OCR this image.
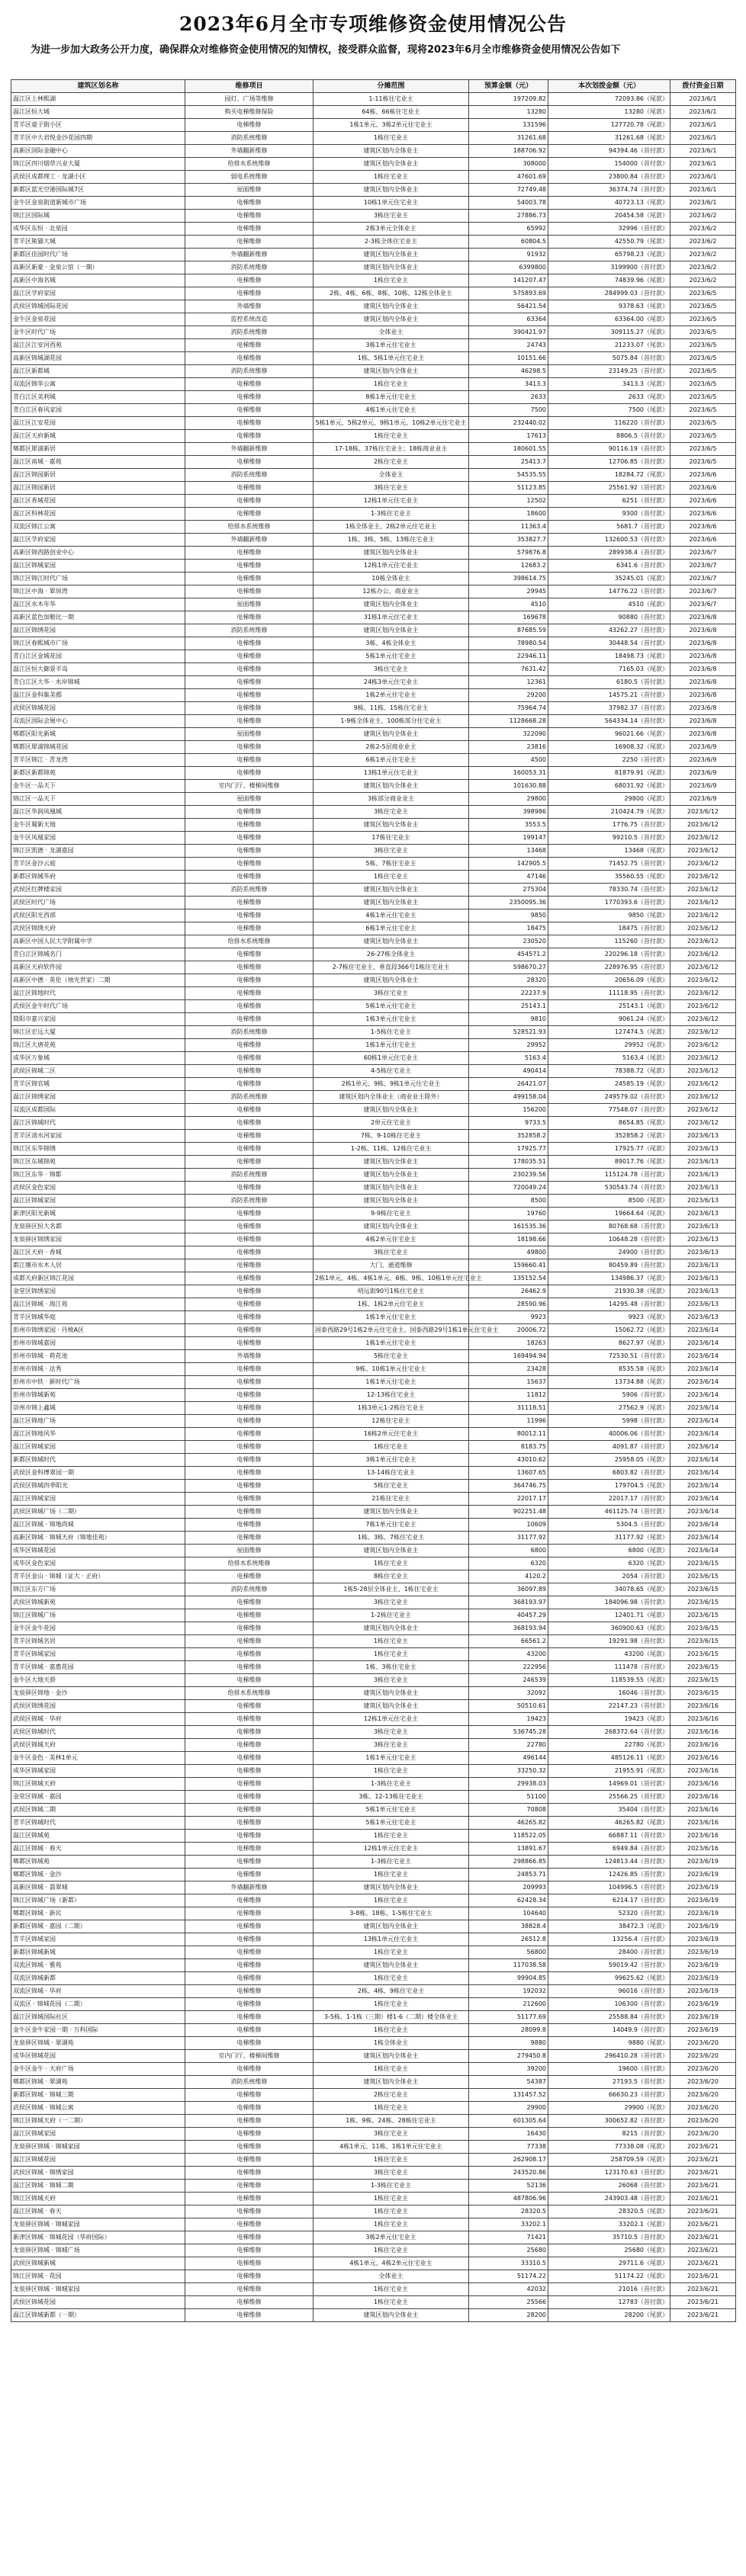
2023年6月全市专项维修资金使用情况公告
为进一步加大政务公开力度，确保群众对维修资金使用情况的知情权，接受群众监督，现将2023年6月全市维修资金使用情况公告如下
建筑区划名称	维修项目	分摊范围	预算金额（元）	本次划拨金额（元）	拨付资金日期
温江区上林熙湖	园灯、广场等维修	1-11栋住宅业主	197209.82	72093.86（尾款）	2023/6/1
温江区恒大城	购买电梯维修保险	64栋、66栋住宅业主	13280	13280（尾款）	2023/6/1
青羊区童子街小区	电梯维修	1栋1单元、3栋2单元住宅业主	131596	127720.78（尾款）	2023/6/1
青羊区中大君悦金沙花园四期	消防系统维修	1栋住宅业主	31261.68	31261.68（尾款）	2023/6/1
高新区国际金融中心	外墙翻新维修	建筑区划内全体业主	188706.92	94394.46（首付款）	2023/6/1
锦江区四川烟草兴业大厦	给排水系统维修	建筑区划内全体业主	308000	154000（首付款）	2023/6/1
武侯区成都理工 · 龙湖小区	弱电系统维修	1栋住宅业主	47601.69	23800.84（首付款）	2023/6/1
新都区蓝光空港国际城7区	屋面维修	建筑区划内全体业主	72749.48	36374.74（首付款）	2023/6/1
金牛区金泉街道新城市广场	电梯维修	10栋1单元住宅业主	54003.78	40723.13（尾款）	2023/6/1
锦江区国际城	电梯维修	3栋住宅业主	27886.73	20454.58（尾款）	2023/6/2
成华区东恒 · 北泉园	电梯维修	2栋3单元全体业主	65992	32996（首付款）	2023/6/2
青羊区熊猫大城	电梯维修	2-3栋全体住宅业主	60804.5	42550.79（尾款）	2023/6/2
新都区佳园时代广场	外墙翻新维修	建筑区划内全体业主	91932	65798.23（尾款）	2023/6/2
高新区新豪 · 金泉公馆（一期）	消防系统维修	建筑区划内全体业主	6399800	3199900（首付款）	2023/6/2
高新区中海名城	电梯维修	1栋住宅业主	141207.47	74839.96（尾款）	2023/6/2
温江区学府家园	电梯维修	2栋、4栋、6栋、8栋、10栋、12栋全体业主	575893.69	284999.03（首付款）	2023/6/5
武侯区锦城国际花园	外墙维修	建筑区划内全体业主	56421.54	9378.63（尾款）	2023/6/5
金牛区金泉花园	监控系统改造	建筑区划内全体业主	63364	63364.00（尾款）	2023/6/5
金牛区时代广场	消防系统维修	全体业主	390421.97	309115.27（尾款）	2023/6/5
温江区江安河西苑	电梯维修	3栋1单元住宅业主	24743	21233.07（尾款）	2023/6/5
高新区锦城湖花园	电梯维修	1栋、5栋1单元住宅业主	10151.66	5075.84（首付款）	2023/6/5
温江区新都城	消防系统维修	建筑区划内全体业主	46298.5	23149.25（首付款）	2023/6/5
双流区锦华公寓	电梯维修	1栋住宅业主	3413.3	3413.3（尾款）	2023/6/5
青白江区美利城	电梯维修	8栋1单元住宅业主	2633	2633（尾款）	2023/6/5
青白江区春风家园	电梯维修	4栋1单元住宅业主	7500	7500（尾款）	2023/6/5
温江区江安花园	电梯维修	5栋1单元、5栋2单元、9栋1单元、10栋2单元住宅业主	232440.02	116220（首付款）	2023/6/5
温江区天府新城	电梯维修	1栋住宅业主	17613	8806.5（首付款）	2023/6/5
郫都区犀浦新居	外墙翻新维修	17-18栋、37栋住宅业主；18栋商业业主	180601.55	90116.19（首付款）	2023/6/5
温江区南城 · 嘉苑	电梯维修	2栋住宅业主	25413.7	12706.85（首付款）	2023/6/5
温江区锦园新居	消防系统维修	全体业主	54535.55	18284.72（尾款）	2023/6/6
温江区锦园新居	电梯维修	3栋住宅业主	51123.85	25561.92（首付款）	2023/6/6
温江区香城花园	电梯维修	12栋1单元住宅业主	12502	6251（首付款）	2023/6/6
温江区科林花园	电梯维修	1-3栋住宅业主	18600	9300（首付款）	2023/6/6
双流区锦江公寓	给排水系统维修	1栋全体业主、2栋2单元住宅业主	11363.4	5681.7（首付款）	2023/6/6
温江区学府家园	外墙翻新维修	1栋、3栋、5栋、13栋住宅业主	353827.7	132600.53（首付款）	2023/6/6
高新区锦西路创业中心	电梯维修	建筑区划内全体业主	579876.8	289938.4（首付款）	2023/6/7
温江区锦城家园	电梯维修	12栋1单元住宅业主	12683.2	6341.6（首付款）	2023/6/7
锦江区锦江时代广场	电梯维修	10栋全体业主	398614.75	35245.01（尾款）	2023/6/7
锦江区中海 · 翠屏湾	电梯维修	12栋办公、商业业主	29945	14776.22（首付款）	2023/6/7
温江区水木年华	屋面维修	建筑区划内全体业主	4510	4510（尾款）	2023/6/7
高新区蓝色加勒比一期	电梯维修	31栋1单元住宅业主	169678	90880（首付款）	2023/6/8
温江区锦绣花园	消防系统维修	建筑区划内全体业主	87685.59	43262.27（首付款）	2023/6/8
锦江区春熙城市广场	电梯维修	3栋、4栋全体业主	78980.54	30448.54（首付款）	2023/6/8
青白江区金城花园	电梯维修	5栋1单元住宅业主	22946.11	18498.73（尾款）	2023/6/8
温江区恒大御景半岛	电梯维修	3栋住宅业主	7631.42	7165.03（尾款）	2023/6/8
青白江区大华 · 水岸锦城	电梯维修	24栋3单元住宅业主	12361	6180.5（首付款）	2023/6/8
温江区金科集美郡	电梯维修	1栋2单元住宅业主	29200	14575.21（首付款）	2023/6/8
武侯区锦城花园	电梯维修	9栋、11栋、15栋住宅业主	75964.74	37982.37（首付款）	2023/6/8
双流区国际会展中心	电梯维修	1-9栋全体业主、100栋部分住宅业主	1128668.28	564334.14（首付款）	2023/6/8
郫都区阳光新城	屋面维修	建筑区划内全体业主	322090	96021.66（尾款）	2023/6/8
郫都区犀浦锦城花园	电梯维修	2栋2-5层商业业主	23816	16908.32（尾款）	2023/6/9
青羊区锦江 · 青龙湾	电梯维修	6栋1单元住宅业主	4500	2250（首付款）	2023/6/9
新都区新都锦苑	电梯维修	13栋1单元住宅业主	160053.31	81879.91（尾款）	2023/6/9
金牛区一品天下	室内门厅、楼梯间维修	建筑区划内全体业主	101630.88	68031.92（尾款）	2023/6/9
锦江区一品天下	屋面维修	3栋部分商业业主	29800	29800（尾款）	2023/6/9
温江区华润凤凰城	电梯维修	3栋住宅业主	398986	210424.79（尾款）	2023/6/12
金牛区蜀新天地	电梯维修	建筑区划内全体业主	3553.5	1776.75（首付款）	2023/6/12
金牛区凤凰家园	电梯维修	17栋住宅业主	199147	99210.5（首付款）	2023/6/12
锦江区凯德 · 龙湖嘉园	电梯维修	3栋住宅业主	13468	13468（尾款）	2023/6/12
青羊区金沙云庭	电梯维修	5栋、7栋住宅业主	142905.5	71452.75（首付款）	2023/6/12
新都区锦城华府	电梯维修	1栋住宅业主	47146	35560.55（尾款）	2023/6/12
武侯区红牌楼家园	消防系统维修	建筑区划内全体业主	275304	78330.74（首付款）	2023/6/12
武侯区时代广场	电梯维修	建筑区划内全体业主	2350095.36	1770393.6（首付款）	2023/6/12
武侯区阳光西部	电梯维修	4栋1单元住宅业主	9850	9850（尾款）	2023/6/12
武侯区锦绣天府	电梯维修	6栋1单元住宅业主	18475	18475（首付款）	2023/6/12
高新区中国人民大学附属中学	给排水系统维修	建筑区划内全体业主	230520	115260（首付款）	2023/6/12
青白江区锦城名门	电梯维修	26-27栋全体业主	454571.2	220296.18（首付款）	2023/6/12
高新区天府软件园	电梯维修	2-7栋住宅业主、垂直段366号1栋住宅业主	598670.27	228976.95（首付款）	2023/6/12
高新区中德 · 英伦（烛光世家）二期	电梯维修	建筑区划内全体业主	28320	20656.09（尾款）	2023/6/12
温江区锦地时代	电梯维修	3栋住宅业主	22237.9	11118.95（首付款）	2023/6/12
武侯区金牛时代广场	电梯维修	5栋1单元住宅业主	25143.1	25143.1（尾款）	2023/6/12
简阳市嘉兴家园	电梯维修	1栋3单元住宅业主	9810	9061.24（尾款）	2023/6/12
锦江区宏远大厦	消防系统维修	1-5栋住宅业主	528521.93	127474.5（尾款）	2023/6/12
锦江区大唐花苑	电梯维修	1栋1单元住宅业主	29952	29952（尾款）	2023/6/12
成华区万象城	电梯维修	60栋1单元住宅业主	5163.4	5163.4（尾款）	2023/6/12
武侯区锦城二区	电梯维修	4-5栋住宅业主	490414	78388.72（尾款）	2023/6/12
青羊区锦官城	电梯维修	2栋1单元、9栋、9栋1单元住宅业主	26421.07	24585.19（尾款）	2023/6/12
温江区锦绣家园	消防系统维修	建筑区划内全体业主（商业业主除外）	499158.04	249579.02（首付款）	2023/6/12
双流区成都国际	电梯维修	建筑区划内全体业主	156200	77548.07（首付款）	2023/6/12
温江区锦城时代	电梯维修	2单元住宅业主	9733.5	8654.85（尾款）	2023/6/12
青羊区清水河家园	电梯维修	7栋、9-10栋住宅业主	352858.2	352858.2（尾款）	2023/6/13
锦江区东华锦绣	电梯维修	1-2栋、11栋、12栋住宅业主	17925.77	17925.77（尾款）	2023/6/13
锦江区东城锦苑	电梯维修	建筑区划内全体业主	178035.51	89017.76（尾款）	2023/6/13
锦江区东华 · 锦都	消防系统维修	建筑区划内全体业主	230239.56	115124.78（首付款）	2023/6/13
武侯区金色家园	电梯维修	建筑区划内全体业主	720049.24	530543.74（首付款）	2023/6/13
温江区锦城家园	消防系统维修	建筑区划内全体业主	8500	8500（尾款）	2023/6/13
新津区阳光新城	电梯维修	9-9栋住宅业主	19760	19664.64（尾款）	2023/6/13
龙泉驿区恒大名都	电梯维修	建筑区划内全体业主	161535.36	80768.68（首付款）	2023/6/13
龙泉驿区锦绣家园	电梯维修	4栋2单元住宅业主	18198.66	10648.28（首付款）	2023/6/13
温江区天府 · 香城	电梯维修	3栋住宅业主	49800	24900（首付款）	2023/6/13
都江堰市水木人居	电梯维修	大门、通道维修	159660.41	80459.89（首付款）	2023/6/13
成都天府新区锦江花园	电梯维修	2栋1单元、4栋、4栋1单元、6栋、9栋、10栋1单元住宅业主	135152.54	134986.37（尾款）	2023/6/13
金堂区锦绣家园	电梯维修	明远街90号1栋住宅业主	26462.9	21930.38（尾款）	2023/6/13
温江区锦城 · 海江苑	电梯维修	1栋、1栋2单元住宅业主	28590.96	14295.48（首付款）	2023/6/13
青羊区锦城华庭	电梯维修	1栋1单元住宅业主	9923	9923（尾款）	2023/6/13
彭州市锦绣家园 · 丹棱A区	电梯维修	国泰西路29号1栋2单元住宅业主、国泰西路29号1栋1单元住宅业主	20006.72	15062.72（尾款）	2023/6/14
彭州市锦城嘉园	电梯维修	1栋1单元住宅业主	18263	8627.97（尾款）	2023/6/14
彭州市锦城 · 荷花池	外墙维修	5栋住宅业主	169494.94	72530.51（首付款）	2023/6/14
彭州市锦城 · 达秀	电梯维修	9栋、10栋1单元住宅业主	23428	8535.58（尾款）	2023/6/14
彭州市中铁 · 新时代广场	电梯维修	1栋1单元住宅业主	15637	13734.88（尾款）	2023/6/14
彭州市锦城新苑	电梯维修	12-13栋住宅业主	11812	5906（首付款）	2023/6/14
崇州市锦上鑫城	电梯维修	1栋3单元1-2栋住宅业主	31118.51	27562.9（尾款）	2023/6/14
温江区锦地广场	电梯维修	12栋住宅业主	11996	5998（首付款）	2023/6/14
温江区锦地风华	电梯维修	16栋2单元住宅业主	80012.11	40006.06（首付款）	2023/6/14
温江区锦城家园	电梯维修	1栋住宅业主	8183.75	4091.87（首付款）	2023/6/14
新都区锦城时代	电梯维修	3栋1单元住宅业主	43010.62	25958.05（尾款）	2023/6/14
武侯区金科博翠园一期	电梯维修	13-14栋住宅业主	13607.65	6803.82（首付款）	2023/6/14
武侯区锦城四季阳光	电梯维修	5栋住宅业主	364746.75	179704.5（尾款）	2023/6/14
温江区锦城家园	电梯维修	21栋住宅业主	22017.17	22017.17（首付款）	2023/6/14
武侯区锦城广场（二期）	电梯维修	建筑区划内全体业主	902251.48	461125.74（首付款）	2023/6/14
温江区锦城 · 锦地尚城	电梯维修	7栋1单元住宅业主	10609	5304.5（首付款）	2023/6/14
高新区锦城 · 锦城天府（锦地佳苑）	电梯维修	1栋、3栋、7栋住宅业主	31177.92	31177.92（尾款）	2023/6/14
成华区锦城花园	屋面维修	建筑区划内全体业主	6800	6800（尾款）	2023/6/14
成华区金色家园	给排水系统维修	1栋住宅业主	6320	6320（尾款）	2023/6/15
青羊区金山 · 锦城（证大 · 正府）	电梯维修	8栋住宅业主	4120.2	2054（首付款）	2023/6/15
锦江区东方广场	消防系统维修	1栋5-28层全体业主、1栋住宅业主	36097.89	34078.65（尾款）	2023/6/15
武侯区锦城新苑	电梯维修	3栋住宅业主	368193.97	184096.98（首付款）	2023/6/15
锦江区锦城广场	电梯维修	1-2栋住宅业主	40457.29	12401.71（尾款）	2023/6/15
金牛区金牛花园	电梯维修	建筑区划内全体业主	368193.94	360900.63（尾款）	2023/6/15
青羊区锦城名居	电梯维修	1栋住宅业主	66561.2	19291.98（首付款）	2023/6/15
青羊区锦城家园	电梯维修	1栋住宅业主	43200	43200（尾款）	2023/6/15
青羊区锦城 · 嘉惠花园	电梯维修	1栋、3栋住宅业主	222956	111478（首付款）	2023/6/15
金牛区大地天骄	电梯维修	3栋住宅业主	246539	118539.55（尾款）	2023/6/15
龙泉驿区锦地 · 金沙	给排水系统维修	建筑区划内全体业主	32092	16046（首付款）	2023/6/15
武侯区锦绣花园	电梯维修	建筑区划内全体业主	50510.61	22147.23（首付款）	2023/6/16
武侯区锦城 · 华府	电梯维修	12栋1单元住宅业主	19423	19423（尾款）	2023/6/16
武侯区锦城时代	电梯维修	3栋住宅业主	536745.28	268372.64（首付款）	2023/6/16
武侯区锦城天府	电梯维修	3栋住宅业主	22780	22780（尾款）	2023/6/16
金牛区金色 · 美林1单元	电梯维修	1栋1单元住宅业主	496144	485126.11（尾款）	2023/6/16
成华区锦城家园	电梯维修	1栋住宅业主	33250.32	21955.91（尾款）	2023/6/16
锦江区锦城天府	电梯维修	1-3栋住宅业主	29938.03	14969.01（首付款）	2023/6/16
金堂区锦城 · 嘉园	电梯维修	3栋、12-13栋住宅业主	51100	25566.25（首付款）	2023/6/16
武侯区锦城二期	电梯维修	5栋1单元住宅业主	70808	35404（首付款）	2023/6/16
青羊区锦城时代	电梯维修	5栋1单元住宅业主	46265.82	46265.82（尾款）	2023/6/16
温江区锦城苑	电梯维修	1栋住宅业主	118522.05	66887.11（首付款）	2023/6/16
温江区锦城 · 春天	电梯维修	12栋1单元住宅业主	13891.67	6949.84（首付款）	2023/6/16
郫都区锦城苑	电梯维修	1-3栋住宅业主	298866.85	124813.44（首付款）	2023/6/19
郫都区锦城 · 金沙	电梯维修	1栋住宅业主	24853.71	12426.85（首付款）	2023/6/19
高新区锦城 · 翡翠城	外墙翻新维修	建筑区划内全体业主	209993	104996.5（首付款）	2023/6/19
锦江区锦城广场（新都）	电梯维修	1栋住宅业主	62428.34	6214.17（首付款）	2023/6/19
郫都区锦城 · 新民	电梯维修	3-8栋、18栋、1-5栋住宅业主	104640	52320（首付款）	2023/6/19
新都区锦城 · 嘉园（二期）	电梯维修	建筑区划内全体业主	38828.4	38472.3（尾款）	2023/6/19
青羊区锦城家园	电梯维修	13栋1单元住宅业主	26512.8	13256.4（首付款）	2023/6/19
新都区锦城新城	电梯维修	1栋住宅业主	56800	28400（首付款）	2023/6/19
双流区锦城 · 雅苑	电梯维修	建筑区划内全体业主	117038.58	59019.42（首付款）	2023/6/19
双流区锦城新都	电梯维修	1栋住宅业主	99904.85	99625.62（尾款）	2023/6/19
双流区锦城 · 华府	电梯维修	2栋、4栋、9栋住宅业主	192032	96016（首付款）	2023/6/19
双流区 · 锦城花园（二期）	电梯维修	1栋住宅业主	212600	106300（首付款）	2023/6/19
温江区锦城国际社区	电梯维修	3-5栋、1-1栋（三期）楼1-6（二期）楼全体业主	51177.69	25588.84（首付款）	2023/6/19
金牛区金牛家园一期 · 万科国际	电梯维修	1栋住宅业主	28099.8	14049.9（首付款）	2023/6/19
龙泉驿区锦城 · 翠湖苑	电梯维修	1栋全体业主	9880	9880（尾款）	2023/6/20
成华区锦城花园	室内门厅、楼梯间维修	建筑区划内全体业主	279450.8	296410.28（首付款）	2023/6/20
金牛区金牛 · 天府广场	电梯维修	1栋住宅业主	39200	19600（首付款）	2023/6/20
郫都区锦城 · 翠湖苑	消防系统维修	建筑区划内全体业主	54387	27193.5（首付款）	2023/6/20
新都区锦城 · 锦城三期	电梯维修	2栋住宅业主	131457.52	66630.23（首付款）	2023/6/20
武侯区锦城 · 锦城公寓	电梯维修	1栋住宅业主	29900	29900（尾款）	2023/6/20
锦江区锦城天府（一二期）	电梯维修	1栋、9栋、24栋、28栋住宅业主	601305.64	300652.82（首付款）	2023/6/20
温江区锦城家园	电梯维修	3栋住宅业主	16430	8215（首付款）	2023/6/20
龙泉驿区锦城 · 锦城家园	电梯维修	4栋1单元、11栋、1栋1单元住宅业主	77338	77338.08（尾款）	2023/6/21
温江区锦城花园	电梯维修	1栋住宅业主	262908.17	258709.59（尾款）	2023/6/21
武侯区锦城 · 锦绣家园	电梯维修	3栋住宅业主	243520.86	123170.63（首付款）	2023/6/21
温江区锦城 · 锦城二期	电梯维修	1-3栋住宅业主	52136	26068（首付款）	2023/6/21
锦江区锦城天府	电梯维修	1栋住宅业主	487806.96	243903.48（首付款）	2023/6/21
温江区锦城 · 春天	电梯维修	1栋住宅业主	28320.5	28320.5（尾款）	2023/6/21
龙泉驿区锦城 · 锦城家园	电梯维修	1栋住宅业主	33202.1	33202.1（尾款）	2023/6/21
新津区锦城 · 锦城花园（华府国际）	电梯维修	3栋2单元住宅业主	71421	35710.5（首付款）	2023/6/21
龙泉驿区锦城 · 锦城广场	电梯维修	1栋住宅业主	25680	25680（尾款）	2023/6/21
武侯区锦城新城	电梯维修	4栋1单元、4栋2单元住宅业主	33310.5	29711.6（尾款）	2023/6/21
锦江区锦城 · 花园	电梯维修	全体业主	51174.22	51174.22（尾款）	2023/6/21
龙泉驿区锦城 · 锦城家园	电梯维修	1栋住宅业主	42032	21016（首付款）	2023/6/21
武侯区锦城花园	电梯维修	1栋住宅业主	25566	12783（首付款）	2023/6/21
温江区锦城新都（一期）	电梯维修	建筑区划内全体业主	28200	28200（尾款）	2023/6/21
